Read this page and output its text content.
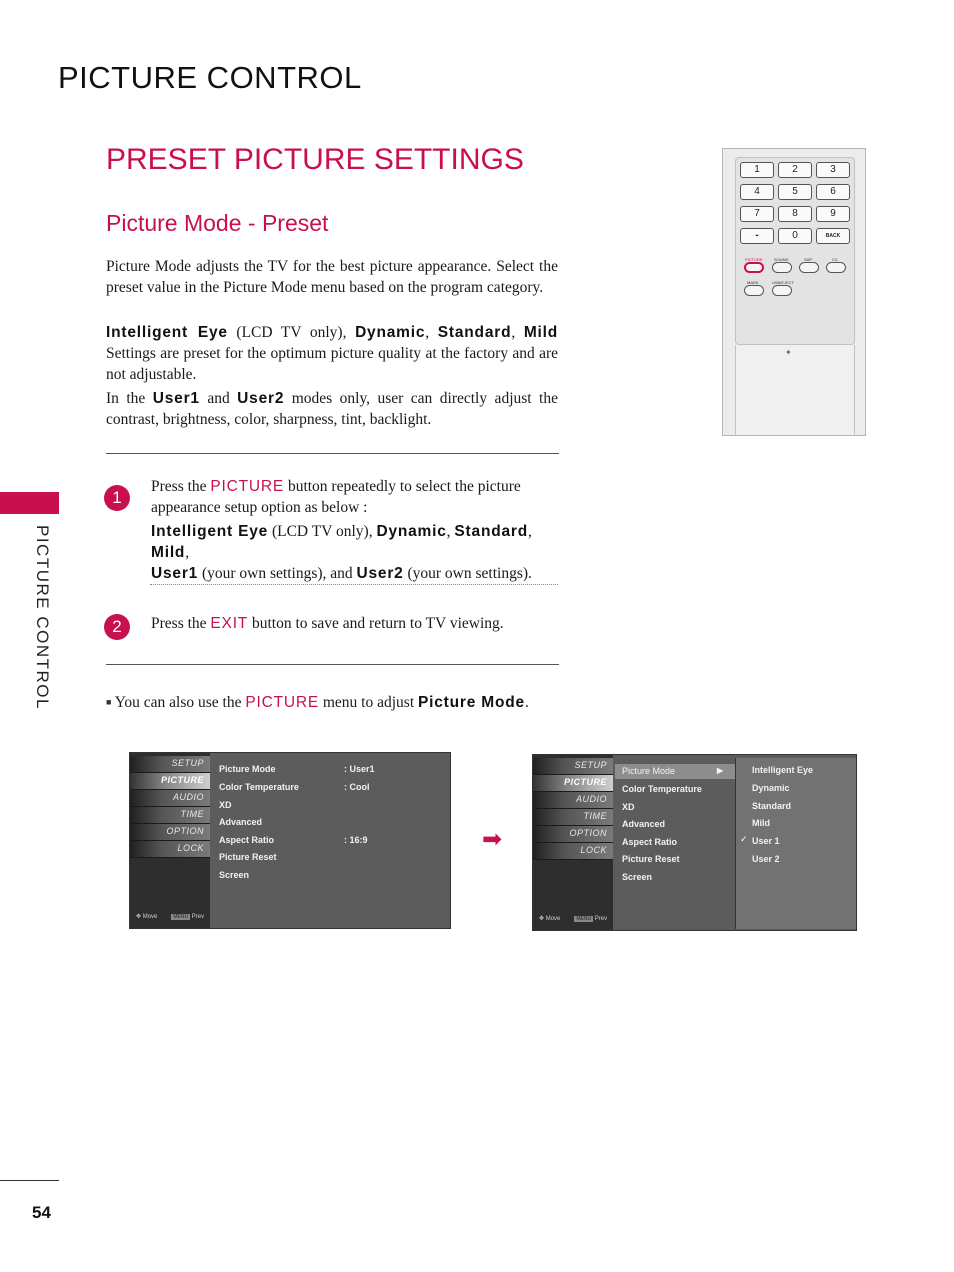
PICTURE CONTROL
PRESET PICTURE SETTINGS
Picture Mode - Preset
PICTURE CONTROL

Picture Mode adjusts the TV for the best picture appearance. Select the preset value in the Picture Mode menu based on the program category.

Intelligent Eye (LCD TV only), Dynamic, Standard, Mild Settings are preset for the optimum picture quality at the factory and are not adjustable.

In the User1 and User2 modes only, user can directly adjust the contrast, brightness, color, sharpness, tint, backlight.

1

Press the PICTURE button repeatedly to select the picture appearance setup option as below :

Intelligent Eye (LCD TV only), Dynamic, Standard, Mild,
User1 (your own settings), and User2 (your own settings).

2	Press the EXIT button to save and return to TV viewing.

■ You can also use the PICTURE menu to adjust Picture Mode.

1	2	3
4	5	6
7	8	9
-	0	BACK
PICTURE	SOUND	SAP	CC
MARK	USB/EJECT
✦
SETUP
PICTURE
AUDIO
TIME
OPTION
LOCK
✥ Move	MENU Prev
Picture Mode	: User1
Color Temperature	: Cool
XD
Advanced
Aspect Ratio	: 16:9
Picture Reset
Screen
➡
SETUP
PICTURE
AUDIO
TIME
OPTION
LOCK
✥ Move	MENU Prev
Picture Mode	▶
Color Temperature
XD
Advanced
Aspect Ratio
Picture Reset
Screen
Intelligent Eye
Dynamic
Standard
Mild
✓ User 1
User 2
54
